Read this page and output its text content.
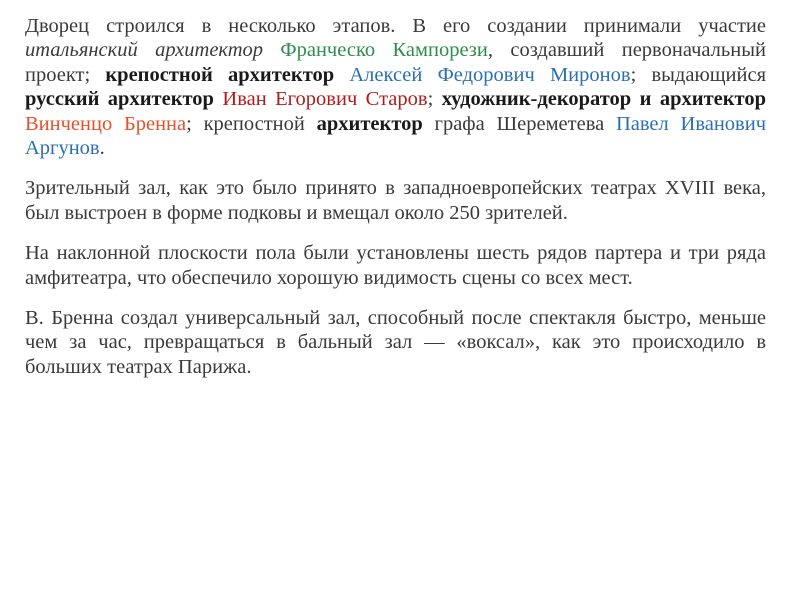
Дворец строился в несколько этапов. В его создании принимали участие итальянский архитектор Франческо Кампорези, создавший первоначальный проект; крепостной архитектор Алексей Федорович Миронов; выдающийся русский архитектор Иван Егорович Старов; художник-декоратор и архитектор Винченцо Бренна; крепостной архитектор графа Шереметева Павел Иванович Аргунов.

Зрительный зал, как это было принято в западноевропейских театрах XVIII века, был выстроен в форме подковы и вмещал около 250 зрителей.

На наклонной плоскости пола были установлены шесть рядов партера и три ряда амфитеатра, что обеспечило хорошую видимость сцены со всех мест.

В. Бренна создал универсальный зал, способный после спектакля быстро, меньше чем за час, превращаться в бальный зал — «воксал», как это происходило в больших театрах Парижа.
